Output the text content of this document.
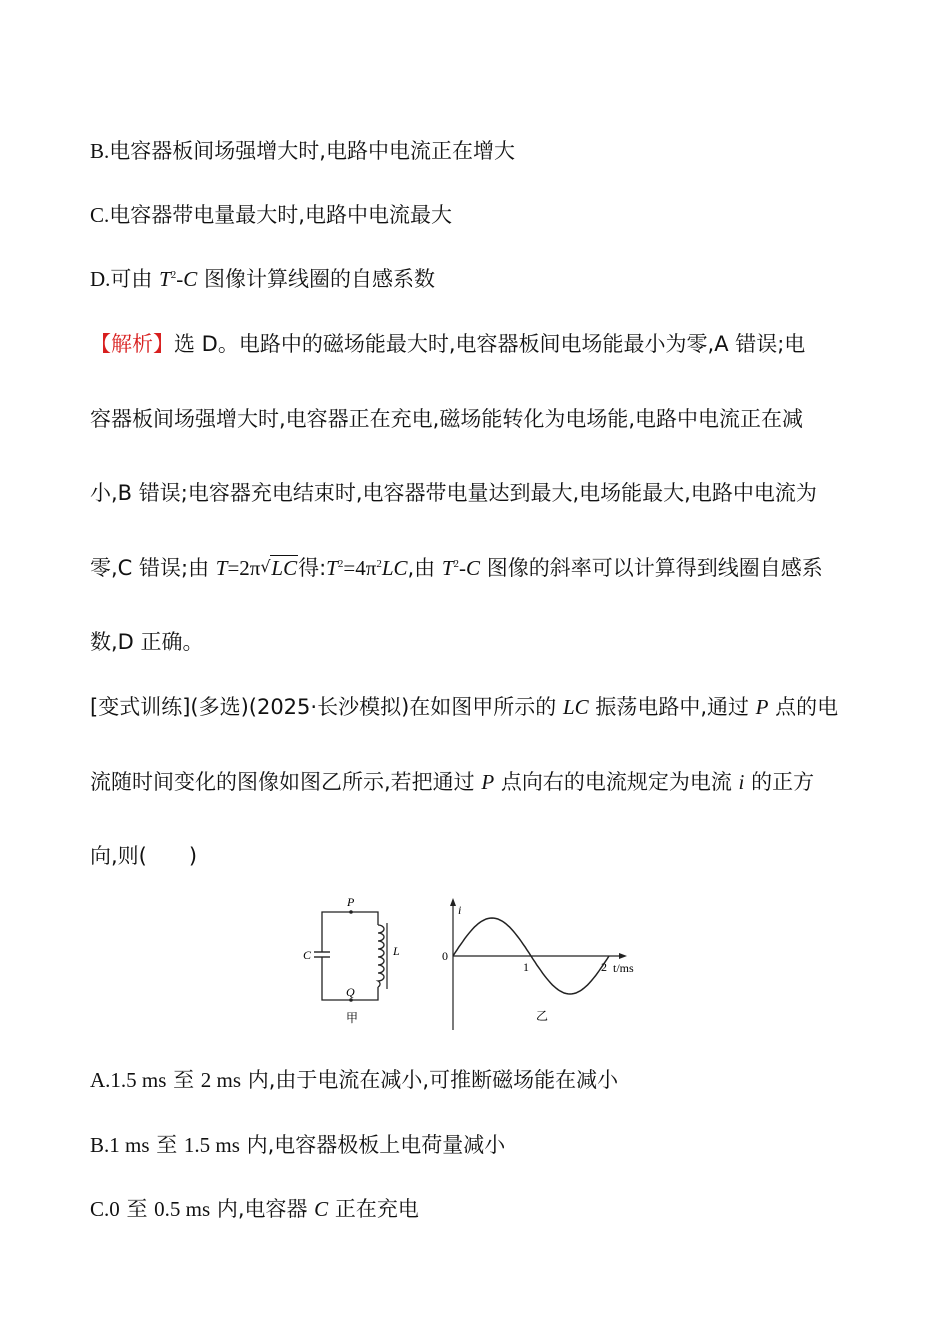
B.电容器板间场强增大时,电路中电流正在增大
C.电容器带电量最大时,电路中电流最大
D.可由 $T^2-C$ 图像计算线圈的自感系数
【解析】选 D。电路中的磁场能最大时,电容器板间电场能最小为零,A 错误;电
容器板间场强增大时,电容器正在充电,磁场能转化为电场能,电路中电流正在减
小,B 错误;电容器充电结束时,电容器带电量达到最大,电场能最大,电路中电流为
零,C 错误;由 T=2π √ LC得$:T^2=4\pi^2LC$,由 $T^2-C$ 图像的斜率可以计算得到线圈自感系
数,D 正确。
[变式训练](多选)(2025·长沙模拟)在如图甲所示的 LC 振荡电路中,通过 P 点的电
流随时间变化的图像如图乙所示,若把通过 P 点向右的电流规定为电流 i 的正方
向,则(　　)
P
Q
C	L
甲
i
0
1	2 t/ms
乙
A.1.5 ms 至 2 ms 内,由于电流在减小,可推断磁场能在减小
B.1 ms 至 1.5 ms 内,电容器极板上电荷量减小
C.0 至 0.5 ms 内,电容器 C 正在充电
